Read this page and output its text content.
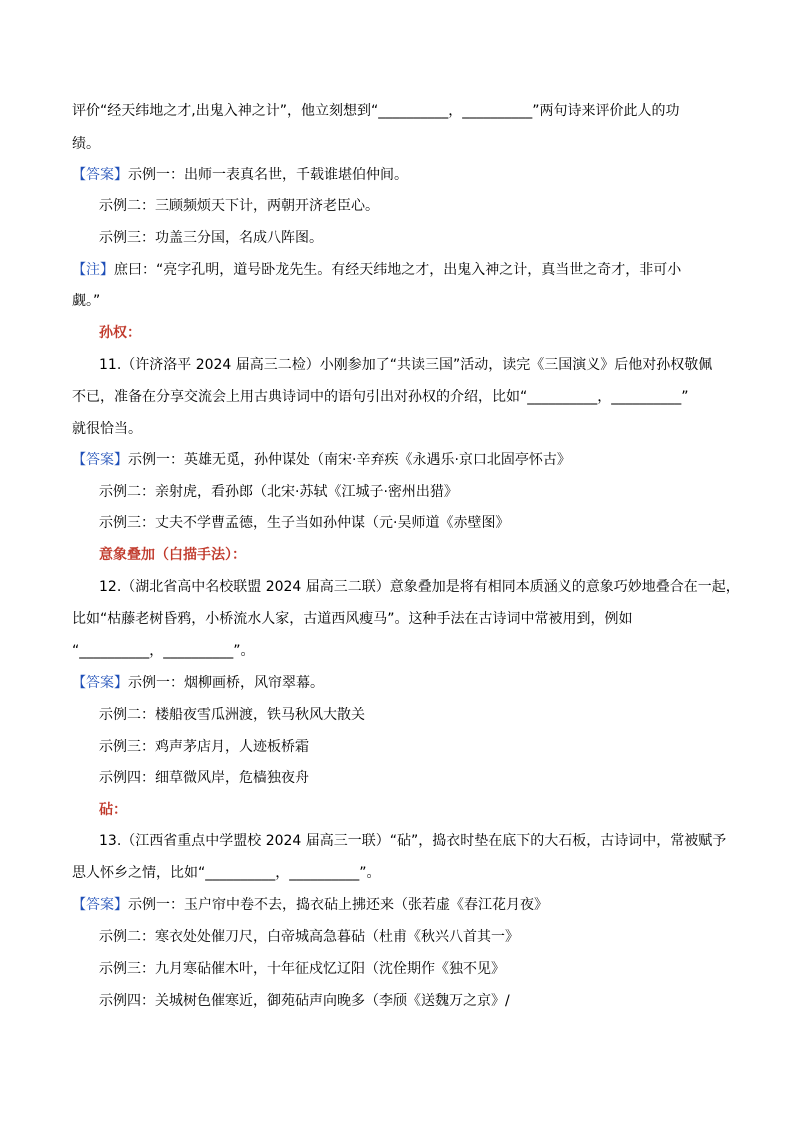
评价“经天纬地之才,出鬼入神之计”，他立刻想到“__________，__________”两句诗来评价此人的功
绩。
【答案】示例一：出师一表真名世，千载谁堪伯仲间。
示例二：三顾频烦天下计，两朝开济老臣心。
示例三：功盖三分国，名成八阵图。
【注】庶曰：“亮字孔明，道号卧龙先生。有经天纬地之才，出鬼入神之计，真当世之奇才，非可小
觑。”
孙权：
11.（许济洛平 2024 届高三二检）小刚参加了“共读三国”活动，读完《三国演义》后他对孙权敬佩
不已，准备在分享交流会上用古典诗词中的语句引出对孙权的介绍，比如“__________，__________”
就很恰当。
【答案】示例一：英雄无觅，孙仲谋处（南宋·辛弃疾《永遇乐·京口北固亭怀古》
示例二：亲射虎，看孙郎（北宋·苏轼《江城子·密州出猎》
示例三：丈夫不学曹孟德，生子当如孙仲谋（元·吴师道《赤壁图》
意象叠加（白描手法）：
12.（湖北省高中名校联盟 2024 届高三二联）意象叠加是将有相同本质涵义的意象巧妙地叠合在一起，
比如“枯藤老树昏鸦，小桥流水人家，古道西风瘦马”。这种手法在古诗词中常被用到，例如
“__________，__________”。
【答案】示例一：烟柳画桥，风帘翠幕。
示例二：楼船夜雪瓜洲渡，铁马秋风大散关
示例三：鸡声茅店月，人迹板桥霜
示例四：细草微风岸，危樯独夜舟
砧：
13.（江西省重点中学盟校 2024 届高三一联）“砧”，捣衣时垫在底下的大石板，古诗词中，常被赋予
思人怀乡之情，比如“__________，__________”。
【答案】示例一：玉户帘中卷不去，捣衣砧上拂还来（张若虚《春江花月夜》
示例二：寒衣处处催刀尺，白帝城高急暮砧（杜甫《秋兴八首其一》
示例三：九月寒砧催木叶，十年征戍忆辽阳（沈佺期作《独不见》
示例四：关城树色催寒近，御苑砧声向晚多（李颀《送魏万之京》/
